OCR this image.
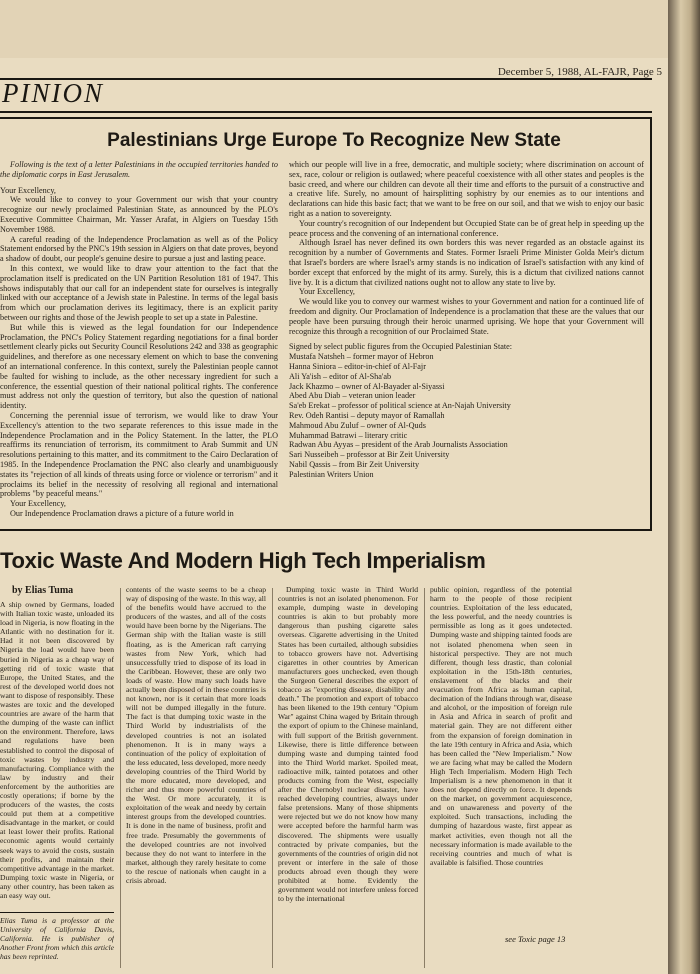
December 5, 1988, AL-FAJR, Page 5
PINION
Palestinians Urge Europe To Recognize New State

Following is the text of a letter Palestinians in the occupied territories handed to the diplomatic corps in East Jerusalem.

Your Excellency,

We would like to convey to your Government our wish that your country recognize our newly proclaimed Palestinian State, as announced by the PLO's Executive Committee Chairman, Mr. Yasser Arafat, in Algiers on Tuesday 15th November 1988.

A careful reading of the Independence Proclamation as well as of the Policy Statement endorsed by the PNC's 19th session in Algiers on that date proves, beyond a shadow of doubt, our people's genuine desire to pursue a just and lasting peace.

In this context, we would like to draw your attention to the fact that the proclamation itself is predicated on the UN Partition Resolution 181 of 1947. This shows indisputably that our call for an independent state for ourselves is integrally linked with our acceptance of a Jewish state in Palestine. In terms of the legal basis from which our proclamation derives its legitimacy, there is an explicit parity between our rights and those of the Jewish people to set up a state in Palestine.

But while this is viewed as the legal foundation for our Independence Proclamation, the PNC's Policy Statement regarding negotiations for a final border settlement clearly picks out Security Council Resolutions 242 and 338 as geographic guidelines, and therefore as one necessary element on which to base the convening of an international conference. In this context, surely the Palestinian people cannot be faulted for wishing to include, as the other necessary ingredient for such a conference, the essential question of their national political rights. The conference must address not only the question of territory, but also the question of national identity.

Concerning the perennial issue of terrorism, we would like to draw Your Excellency's attention to the two separate references to this issue made in the Independence Proclamation and in the Policy Statement. In the latter, the PLO reaffirms its renunciation of terrorism, its commitment to Arab Summit and UN resolutions pertaining to this matter, and its commitment to the Cairo Declaration of 1985. In the Independence Proclamation the PNC also clearly and unambiguously states its "rejection of all kinds of threats using force or violence or terrorism" and it proclaims its belief in the necessity of resolving all regional and international problems "by peaceful means."

Your Excellency,

Our Independence Proclamation draws a picture of a future world in

which our people will live in a free, democratic, and multiple society; where discrimination on account of sex, race, colour or religion is outlawed; where peaceful coexistence with all other states and peoples is the basic creed, and where our children can devote all their time and efforts to the pursuit of a constructive and a creative life. Surely, no amount of hairsplitting sophistry by our enemies as to our intentions and declarations can hide this basic fact; that we want to be free on our soil, and that we wish to enjoy our basic right as a nation to sovereignty.

Your country's recognition of our Independent but Occupied State can be of great help in speeding up the peace process and the convening of an international conference.

Although Israel has never defined its own borders this was never regarded as an obstacle against its recognition by a number of Governments and States. Former Israeli Prime Minister Golda Meir's dictum that Israel's borders are where Israel's army stands is no indication of Israel's satisfaction with any kind of border except that enforced by the might of its army. Surely, this is a dictum that civilized nations cannot live by. It is a dictum that civilized nations ought not to allow any state to live by.

Your Excellency,

We would like you to convey our warmest wishes to your Government and nation for a continued life of freedom and dignity. Our Proclamation of Independence is a proclamation that these are the values that our people have been pursuing through their heroic unarmed uprising. We hope that your Government will recognize this through a recognition of our Proclaimed State.

Signed by select public figures from the Occupied Palestinian State:
Mustafa Natsheh – former mayor of Hebron
Hanna Siniora – editor-in-chief of Al-Fajr
Ali Ya'ish – editor of Al-Sha'ab
Jack Khazmo – owner of Al-Bayader al-Siyassi
Abed Abu Diab – veteran union leader
Sa'eb Erekat – professor of political science at An-Najah University
Rev. Odeh Rantisi – deputy mayor of Ramallah
Mahmoud Abu Zuluf – owner of Al-Quds
Muhammad Batrawi – literary critic
Radwan Abu Ayyas – president of the Arab Journalists Association
Sari Nusseibeh – professor at Bir Zeit University
Nabil Qassis – from Bir Zeit University
Palestinian Writers Union
Toxic Waste And Modern High Tech Imperialism
by Elias Tuma

A ship owned by Germans, loaded with Italian toxic waste, unloaded its load in Nigeria, is now floating in the Atlantic with no destination for it. Had it not been discovered by Nigeria the load would have been buried in Nigeria as a cheap way of getting rid of toxic waste that Europe, the United States, and the rest of the developed world does not want to dispose of responsibly. These wastes are toxic and the developed countries are aware of the harm that the dumping of the waste can inflict on the environment. Therefore, laws and regulations have been established to control the disposal of toxic wastes by industry and manufacturing. Compliance with the law by industry and their enforcement by the authorities are costly operations; if borne by the producers of the wastes, the costs could put them at a competitive disadvantage in the market, or could at least lower their profits. Rational economic agents would certainly seek ways to avoid the costs, sustain their profits, and maintain their competitive advantage in the market. Dumping toxic waste in Nigeria, or any other country, has been taken as an easy way out.

Elias Tuma is a professor at the University of California Davis, California. He is publisher of Another Front from which this article has been reprinted.

contents of the waste seems to be a cheap way of disposing of the waste. In this way, all of the benefits would have accrued to the producers of the wastes, and all of the costs would have been borne by the Nigerians. The German ship with the Italian waste is still floating, as is the American raft carrying wastes from New York, which had unsuccessfully tried to dispose of its load in the Caribbean. However, these are only two loads of waste. How many such loads have actually been disposed of in these countries is not known, nor is it certain that more loads will not be dumped illegally in the future. The fact is that dumping toxic waste in the Third World by industrialists of the developed countries is not an isolated phenomenon. It is in many ways a continuation of the policy of exploitation of the less educated, less developed, more needy developing countries of the Third World by the more educated, more developed, and richer and thus more powerful countries of the West. Or more accurately, it is exploitation of the weak and needy by certain interest groups from the developed countries. It is done in the name of business, profit and free trade. Presumably the governments of the developed countries are not involved because they do not want to interfere in the market, although they rarely hesitate to come to the rescue of nationals when caught in a crisis abroad.

Dumping toxic waste in Third World countries is not an isolated phenomenon. For example, dumping waste in developing countries is akin to but probably more dangerous than pushing cigarette sales overseas. Cigarette advertising in the United States has been curtailed, although subsidies to tobacco growers have not. Advertising cigarettes in other countries by American manufacturers goes unchecked, even though the Surgeon General describes the export of tobacco as "exporting disease, disability and death." The promotion and export of tobacco has been likened to the 19th century "Opium War" against China waged by Britain through the export of opium to the Chinese mainland, with full support of the British government. Likewise, there is little difference between dumping waste and dumping tainted food into the Third World market. Spoiled meat, radioactive milk, tainted potatoes and other products coming from the West, especially after the Chernobyl nuclear disaster, have reached developing countries, always under false pretensions. Many of those shipments were rejected but we do not know how many were accepted before the harmful harm was discovered. The shipments were usually contracted by private companies, but the governments of the countries of origin did not prevent or interfere in the sale of those products abroad even though they were prohibited at home. Evidently the government would not interfere unless forced to by the international

public opinion, regardless of the potential harm to the people of those recipient countries. Exploitation of the less educated, the less powerful, and the needy countries is permissible as long as it goes undetected. Dumping waste and shipping tainted foods are not isolated phenomena when seen in historical perspective. They are not much different, though less drastic, than colonial exploitation in the 15th-18th centuries, enslavement of the blacks and their evacuation from Africa as human capital, decimation of the Indians through war, disease and alcohol, or the imposition of foreign rule in Asia and Africa in search of profit and material gain. They are not different either from the expansion of foreign domination in the late 19th century in Africa and Asia, which has been called the "New Imperialism." Now we are facing what may be called the Modern High Tech Imperialism. Modern High Tech Imperialism is a new phenomenon in that it does not depend directly on force. It depends on the market, on government acquiescence, and on unawareness and poverty of the exploited. Such transactions, including the dumping of hazardous waste, first appear as market activities, even though not all the necessary information is made available to the receiving countries and much of what is available is falsified. Those countries

see Toxic page 13
